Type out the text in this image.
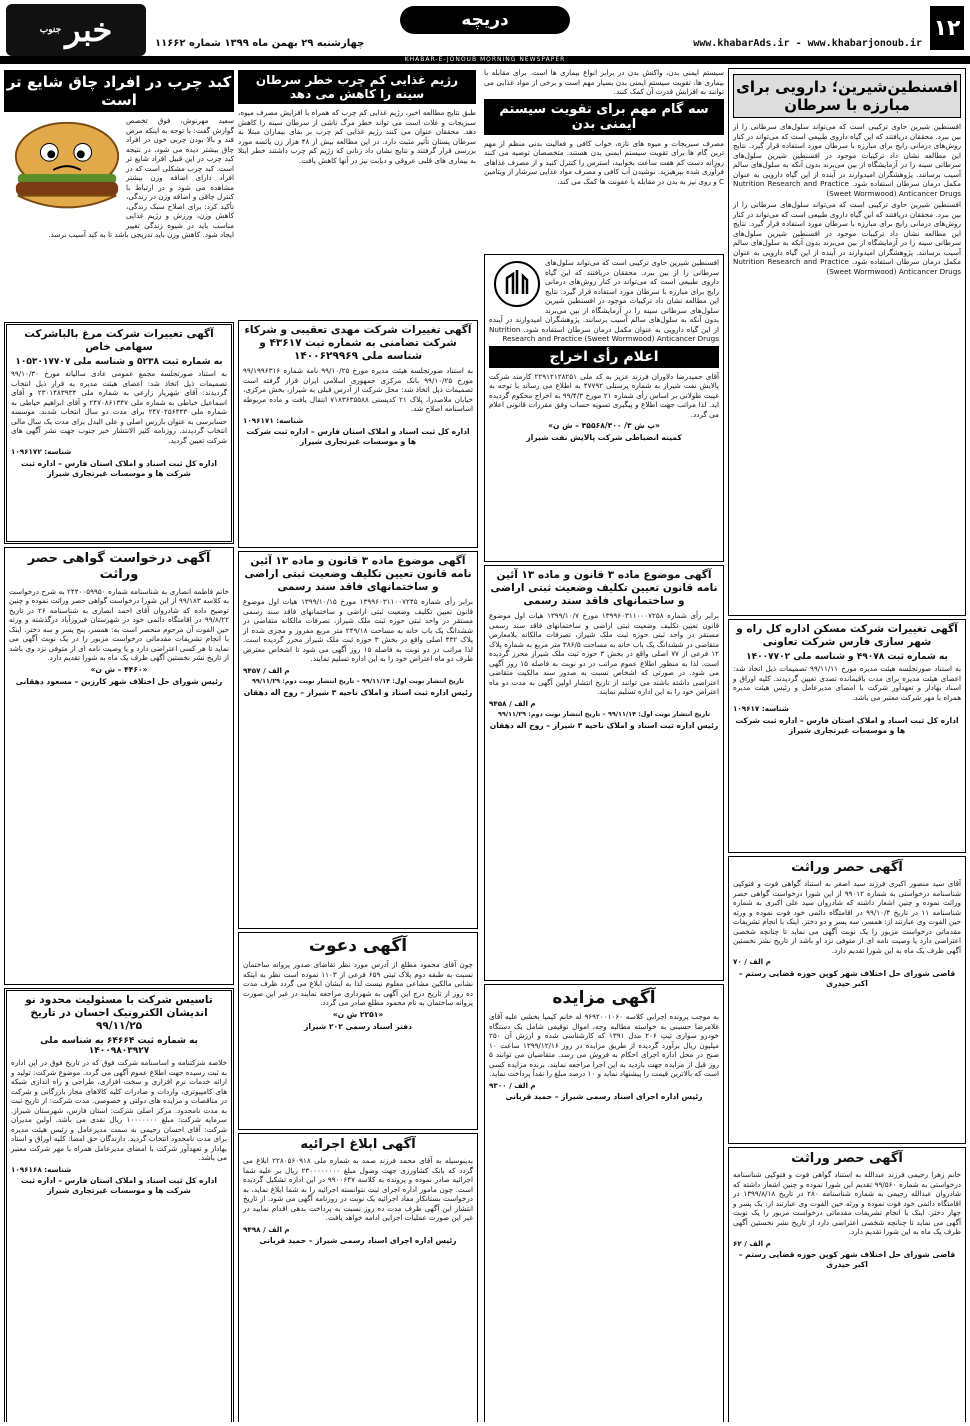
۱۲
www.khabarAds.ir - www.khabarjonoub.ir
دریچه
چهارشنبه ۲۹ بهمن ماه ۱۳۹۹ شماره ۱۱۶۶۲
خبر
جنوب
KHABAR-E-JONOUB MORNING NEWSPAPER
افسنطین‌شیرین؛ دارویی برای مبارزه با سرطان

افسنطین شیرین حاوی ترکیبی است که می‌تواند سلول‌های سرطانی را از بین ببرد. محققان دریافتند که این گیاه داروی طبیعی است که می‌تواند در کنار روش‌های درمانی رایج برای مبارزه با سرطان مورد استفاده قرار گیرد. نتایج این مطالعه نشان داد ترکیبات موجود در افسنطین شیرین سلول‌های سرطانی سینه را در آزمایشگاه از بین می‌برند بدون آنکه به سلول‌های سالم آسیب برسانند. پژوهشگران امیدوارند در آینده از این گیاه دارویی به عنوان مکمل درمان سرطان استفاده شود. Nutrition Research and Practice (Sweet Wormwood) Anticancer Drugs

افسنطین شیرین حاوی ترکیبی است که می‌تواند سلول‌های سرطانی را از بین ببرد. محققان دریافتند که این گیاه داروی طبیعی است که می‌تواند در کنار روش‌های درمانی رایج برای مبارزه با سرطان مورد استفاده قرار گیرد. نتایج این مطالعه نشان داد ترکیبات موجود در افسنطین شیرین سلول‌های سرطانی سینه را در آزمایشگاه از بین می‌برند بدون آنکه به سلول‌های سالم آسیب برسانند. پژوهشگران امیدوارند در آینده از این گیاه دارویی به عنوان مکمل درمان سرطان استفاده شود. Nutrition Research and Practice (Sweet Wormwood) Anticancer Drugs

آگهی تغییرات شرکت مسکن اداره کل راه و شهر سازی فارس شرکت تعاونی
به شماره ثبت ۴۹۰۷۸ و شناسه ملی ۱۴۰۰۷۷۰۲

به استناد صورتجلسه هیئت مدیره مورخ ۹۹/۱۱/۱۱ تصمیمات ذیل اتخاذ شد: اعضای هیئت مدیره برای مدت باقیمانده تصدی تعیین گردیدند. کلیه اوراق و اسناد بهادار و تعهدآور شرکت با امضای مدیرعامل و رئیس هیئت مدیره همراه با مهر شرکت معتبر می باشد.

شناسه: ۱۰۹۶۱۷
اداره کل ثبت اسناد و املاک استان فارس – اداره ثبت شرکت ها و موسسات غیرتجاری شیراز
آگهی حصر وراثت

آقای سید منصور اکبری فرزند سید اصغر به استناد گواهی فوت و فتوکپی شناسنامه درخواستی به شماره ۹۹۰۱۲ از این شورا درخواست گواهی حصر وراثت نموده و چنین اشعار داشته که شادروان سید علی اکبری به شماره شناسنامه ۱۱ در تاریخ ۹۹/۱۰/۴ در اقامتگاه دائمی خود فوت نموده و ورثه حین الفوت وی عبارتند از: همسر، سه پسر و دو دختر. اینک با انجام تشریفات مقدماتی درخواست مزبور را یک نوبت آگهی می نماید تا چنانچه شخصی اعتراضی دارد یا وصیت نامه ای از متوفی نزد او باشد از تاریخ نشر نخستین آگهی ظرف یک ماه به این شورا تقدیم دارد.

م الف / ۷۰
قاضی شورای حل اختلاف شهر کوپن حوزه قضایی رستم – اکبر حیدری
آگهی حصر وراثت

خانم زهرا رحیمی فرزند عبدالله به استناد گواهی فوت و فتوکپی شناسنامه درخواستی به شماره ۹۹/۵۶۰ تقدیم این شورا نموده و چنین اشعار داشته که شادروان عبدالله رحیمی به شماره شناسنامه ۲۸۰ در تاریخ ۱۳۹۹/۸/۱۸ در اقامتگاه دائمی خود فوت نموده و ورثه حین الفوت وی عبارتند از: یک پسر و چهار دختر. اینک با انجام تشریفات مقدماتی درخواست مزبور را یک نوبت آگهی می نماید تا چنانچه شخصی اعتراضی دارد از تاریخ نشر نخستین آگهی ظرف یک ماه به این شورا تقدیم دارد.

م الف / ۶۲
قاضی شورای حل اختلاف شهر کوپن حوزه قضایی رستم – اکبر حیدری

سیستم ایمنی بدن، واکنش بدن در برابر انواع بیماری ها است. برای مقابله با بیماری ها، تقویت سیستم ایمنی بدن بسیار مهم است و برخی از مواد غذایی می توانند به افزایش قدرت آن کمک کنند.

سه گام مهم برای تقویت سیستم ایمنی بدن

مصرف سبزیجات و میوه های تازه، خواب کافی و فعالیت بدنی منظم از مهم ترین گام ها برای تقویت سیستم ایمنی بدن هستند. متخصصان توصیه می کنند روزانه دست کم هفت ساعت بخوابید، استرس را کنترل کنید و از مصرف غذاهای فرآوری شده بپرهیزید. نوشیدن آب کافی و مصرف مواد غذایی سرشار از ویتامین C و روی نیز به بدن در مقابله با عفونت ها کمک می کند.

رژیم غذایی کم چرب خطر سرطان سینه را کاهش می دهد

طبق نتایج مطالعه اخیر، رژیم غذایی کم چرب که همراه با افزایش مصرف میوه، سبزیجات و غلات است می تواند خطر مرگ ناشی از سرطان سینه را کاهش دهد. محققان عنوان می کنند رژیم غذایی کم چرب بر بقای بیماران مبتلا به سرطان پستان تأثیر مثبت دارد. در این مطالعه بیش از ۴۸ هزار زن یائسه مورد بررسی قرار گرفتند و نتایج نشان داد زنانی که رژیم کم چرب داشتند خطر ابتلا به بیماری های قلبی عروقی و دیابت نیز در آنها کاهش یافت.

کبد چرب در افراد چاق شایع تر است

سعید مهرنوش، فوق تخصص گوارش گفت: با توجه به اینکه مرض قند و بالا بودن چربی خون در افراد چاق بیشتر دیده می شود، در نتیجه کبد چرب در این قبیل افراد شایع تر است. کبد چرب مشکلی است که در افراد دارای اضافه وزن بیشتر مشاهده می شود و در ارتباط با کنترل چاقی و اضافه وزن در زندگی، تأکید کرد: برای اصلاح سبک زندگی، کاهش وزن، ورزش و رژیم غذایی مناسب باید در شیوه زندگی تغییر ایجاد شود. کاهش وزن باید تدریجی باشد تا به کبد آسیب نرسد.

افسنطین شیرین حاوی ترکیبی است که می‌تواند سلول‌های سرطانی را از بین ببرد. محققان دریافتند که این گیاه داروی طبیعی است که می‌تواند در کنار روش‌های درمانی رایج برای مبارزه با سرطان مورد استفاده قرار گیرد. نتایج این مطالعه نشان داد ترکیبات موجود در افسنطین شیرین سلول‌های سرطانی سینه را در آزمایشگاه از بین می‌برند بدون آنکه به سلول‌های سالم آسیب برسانند. پژوهشگران امیدوارند در آینده از این گیاه دارویی به عنوان مکمل درمان سرطان استفاده شود. Nutrition Research and Practice (Sweet Wormwood) Anticancer Drugs

اعلام رأی اخراج

آقای حمیدرضا دلاوران فرزند عزیز به کد ملی ۲۲۹۱۲۱۲۸۲۵۱ کارمند شرکت پالایش نفت شیراز به شماره پرسنلی ۴۷۷۹۲ به اطلاع می رساند با توجه به غیبت طولانی بر اساس رأی شماره ۲۱ مورخ ۹۹/۴/۳ به اخراج محکوم گردیده اید. لذا مراتب جهت اطلاع و پیگیری تسویه حساب وفق مقررات قانونی اعلام می گردد.

«پ ش ۳/ ۳۵۵۶۸/۳۰۰ – ش ن»
کمیته انضباطی شرکت پالایش نفت شیراز
آگهی موضوع ماده ۳ قانون و ماده ۱۳ آئین نامه قانون تعیین تکلیف وضعیت ثبتی اراضی و ساختمانهای فاقد سند رسمی

برابر رأی شماره ۱۳۹۹۶۰۳۱۱۰۰۰۷۲۵۸ مورخ ۱۳۹۹/۱۰/۷ هیات اول موضوع قانون تعیین تکلیف وضعیت ثبتی اراضی و ساختمانهای فاقد سند رسمی مستقر در واحد ثبتی حوزه ثبت ملک شیراز، تصرفات مالکانه بلامعارض متقاضی در ششدانگ یک باب خانه به مساحت ۳۸۶/۵ متر مربع به شماره پلاک ۱۲ فرعی از ۷۷ اصلی واقع در بخش ۳ حوزه ثبت ملک شیراز محرز گردیده است. لذا به منظور اطلاع عموم مراتب در دو نوبت به فاصله ۱۵ روز آگهی می شود. در صورتی که اشخاص نسبت به صدور سند مالکیت متقاضی اعتراضی داشته باشند می توانند از تاریخ انتشار اولین آگهی به مدت دو ماه اعتراض خود را به این اداره تسلیم نمایند.

م الف / ۹۴۵۸
تاریخ انتشار نوبت اول: ۹۹/۱۱/۱۴ – تاریخ انتشار نوبت دوم: ۹۹/۱۱/۲۹
رئیس اداره ثبت اسناد و املاک ناحیه ۳ شیراز – روح اله دهقان
آگهی مزایده

به موجب پرونده اجرایی کلاسه ۹۶۹۲۰۰۱۰۶۰ له خانم کیمیا بخشی علیه آقای غلامرضا حسینی به خواسته مطالبه وجه، اموال توقیفی شامل یک دستگاه خودرو سواری تیپ ۲۰۶ مدل ۱۳۹۱ که کارشناسی شده و ارزش آن ۲۵۰ میلیون ریال برآورد گردیده از طریق مزایده در روز ۱۳۹۹/۱۲/۱۶ ساعت ۱۰ صبح در محل اداره اجرای احکام به فروش می رسد. متقاضیان می توانند ۵ روز قبل از مزایده جهت بازدید به این اجرا مراجعه نمایند. برنده مزایده کسی است که بالاترین قیمت را پیشنهاد نماید و ۱۰ درصد مبلغ را نقداً پرداخت نماید.

م الف / ۹۳۰۰
رئیس اداره اجرای اسناد رسمی شیراز – حمید قربانی
آگهی تغییرات شرکت مهدی تعقیبی و شرکاء شرکت تضامنی به شماره ثبت ۴۳۶۱۷ و شناسه ملی ۱۴۰۰۶۲۹۹۶۹

به استناد صورتجلسه هیئت مدیره مورخ ۹۹/۱۰/۲۵ نامه شماره ۹۹/۱۹۹۶۳۱۶ مورخ ۹۹/۱۰/۲۵ بانک مرکزی جمهوری اسلامی ایران قرار گرفته است تصمیمات ذیل اتخاذ شد: محل شرکت از آدرس قبلی به شیراز، بخش مرکزی، خیابان ملاصدرا، پلاک ۲۱ کدپستی ۷۱۸۳۶۳۵۵۸۸ انتقال یافت و ماده مربوطه اساسنامه اصلاح شد.

شناسه: ۱۰۹۶۱۷۱
اداره کل ثبت اسناد و املاک استان فارس – اداره ثبت شرکت ها و موسسات غیرتجاری شیراز
آگهی موضوع ماده ۳ قانون و ماده ۱۳ آئین نامه قانون تعیین تکلیف وضعیت ثبتی اراضی و ساختمانهای فاقد سند رسمی

برابر رأی شماره ۱۳۹۹۶۰۳۱۱۰۰۷۲۴۵ مورخ ۱۳۹۹/۱۰/۱۵ هیات اول موضوع قانون تعیین تکلیف وضعیت ثبتی اراضی و ساختمانهای فاقد سند رسمی مستقر در واحد ثبتی حوزه ثبت ملک شیراز، تصرفات مالکانه متقاضی در ششدانگ یک باب خانه به مساحت ۲۴۹/۱۸ متر مربع مفروز و مجزی شده از پلاک ۴۳۲ اصلی واقع در بخش ۳ حوزه ثبت ملک شیراز محرز گردیده است. لذا مراتب در دو نوبت به فاصله ۱۵ روز آگهی می شود تا اشخاص معترض ظرف دو ماه اعتراض خود را به این اداره تسلیم نمایند.

م الف / ۹۴۵۷
تاریخ انتشار نوبت اول: ۹۹/۱۱/۱۴ – تاریخ انتشار نوبت دوم: ۹۹/۱۱/۲۹
رئیس اداره ثبت اسناد و املاک ناحیه ۳ شیراز – روح اله دهقان
آگهی دعوت

چون آقای محمود مطلع از آدرس مورد نظر تقاضای صدور پروانه ساختمان نسبت به طبقه دوم پلاک ثبتی ۶۵۹ فرعی از ۱۱۰۳ نموده است نظر به اینکه نشانی مالکین مشاعی معلوم نیست لذا به ایشان ابلاغ می گردد ظرف مدت ده روز از تاریخ درج این آگهی به شهرداری مراجعه نمایند در غیر این صورت پروانه ساختمان به نام محمود مطلع صادر می گردد.

«۲۲۵۱ ش ن»
دفتر اسناد رسمی ۲۰۲ شیراز
آگهی ابلاغ اجرائیه

بدینوسیله به آقای محمد فرزند صمد به شماره ملی ۲۲۸۰۵۶۰۹۱۸ ابلاغ می گردد که بانک کشاورزی جهت وصول مبلغ ۲۳۰۰۰۰۰۰۰۰ ریال بر علیه شما اجرائیه صادر نموده و پرونده به کلاسه ۹۹۰۰۶۴۷ در این اداره تشکیل گردیده است. چون مامور اداره اجرای ثبت نتوانسته اجرائیه را به شما ابلاغ نماید، به درخواست بستانکار مفاد اجرائیه یک نوبت در روزنامه آگهی می شود. از تاریخ انتشار این آگهی ظرف مدت ده روز نسبت به پرداخت بدهی اقدام نمایید در غیر این صورت عملیات اجرایی ادامه خواهد یافت.

م الف / ۹۴۹۸
رئیس اداره اجرای اسناد رسمی شیراز – حمید قربانی
آگهی تغییرات شرکت مرغ بالباشرکت سهامی خاص
به شماره ثبت ۵۲۳۸ و شناسه ملی ۱۰۵۳۰۱۷۷۰۷

به استناد صورتجلسه مجمع عمومی عادی سالیانه مورخ ۹۹/۱۰/۳۰ تصمیمات ذیل اتخاذ شد: اعضای هیئت مدیره به قرار ذیل انتخاب گردیدند: آقای شهریار زارعی به شماره ملی ۲۳۰۱۴۸۳۹۳۴ و آقای اسماعیل خیاطی به شماره ملی ۲۴۷۰۸۶۱۳۴۷ و آقای ابراهیم خیاطی به شماره ملی ۲۴۷۰۲۵۶۴۴۳ برای مدت دو سال انتخاب شدند. موسسه حسابرسی به عنوان بازرس اصلی و علی البدل برای مدت یک سال مالی انتخاب گردیدند. روزنامه کثیر الانتشار خبر جنوب جهت نشر آگهی های شرکت تعیین گردید.

شناسه: ۱۰۹۶۱۷۲
اداره کل ثبت اسناد و املاک استان فارس – اداره ثبت شرکت ها و موسسات غیرتجاری شیراز
آگهی درخواست گواهی حصر وراثت

خانم فاطمه انصاری به شناسنامه شماره ۲۴۴۰۰۵۹۹۵۰ به شرح درخواست به کلاسه ۹۹/۱۸۳ از این شورا درخواست گواهی حصر وراثت نموده و چنین توضیح داده که شادروان آقای احمد انصاری به شناسنامه ۲۶ در تاریخ ۹۹/۸/۲۲ در اقامتگاه دائمی خود در شهرستان فیروزآباد درگذشته و ورثه حین الفوت آن مرحوم منحصر است به: همسر، پنج پسر و سه دختر. اینک با انجام تشریفات مقدماتی درخواست مزبور را در یک نوبت آگهی می نماید تا هر کسی اعتراضی دارد و یا وصیت نامه ای از متوفی نزد وی باشد از تاریخ نشر نخستین آگهی ظرف یک ماه به شورا تقدیم دارد.

«۴۴۶۰ – ش ن»
رئیس شورای حل اختلاف شهر کارزین – مسعود دهقانی
تاسیس شرکت با مسئولیت محدود نو اندیشان الکترونیک احسان در تاریخ ۹۹/۱۱/۲۵
به شماره ثبت ۶۴۶۶۴ به شناسه ملی ۱۴۰۰۹۸۰۳۹۲۷

خلاصه شرکتنامه و اساسنامه شرکت فوق که در تاریخ فوق در این اداره به ثبت رسیده جهت اطلاع عموم آگهی می گردد. موضوع شرکت: تولید و ارائه خدمات نرم افزاری و سخت افزاری، طراحی و راه اندازی شبکه های کامپیوتری، واردات و صادرات کلیه کالاهای مجاز بازرگانی و شرکت در مناقصات و مزایده های دولتی و خصوصی. مدت شرکت: از تاریخ ثبت به مدت نامحدود. مرکز اصلی شرکت: استان فارس، شهرستان شیراز. سرمایه شرکت: مبلغ ۱۰۰۰۰۰۰۰ ریال نقدی می باشد. اولین مدیران شرکت: آقای احسان رحیمی به سمت مدیرعامل و رئیس هیئت مدیره برای مدت نامحدود انتخاب گردید. دارندگان حق امضا: کلیه اوراق و اسناد بهادار و تعهدآور شرکت با امضای مدیرعامل همراه با مهر شرکت معتبر می باشد.

شناسه: ۱۰۹۶۱۶۸
اداره کل ثبت اسناد و املاک استان فارس – اداره ثبت شرکت ها و موسسات غیرتجاری شیراز
